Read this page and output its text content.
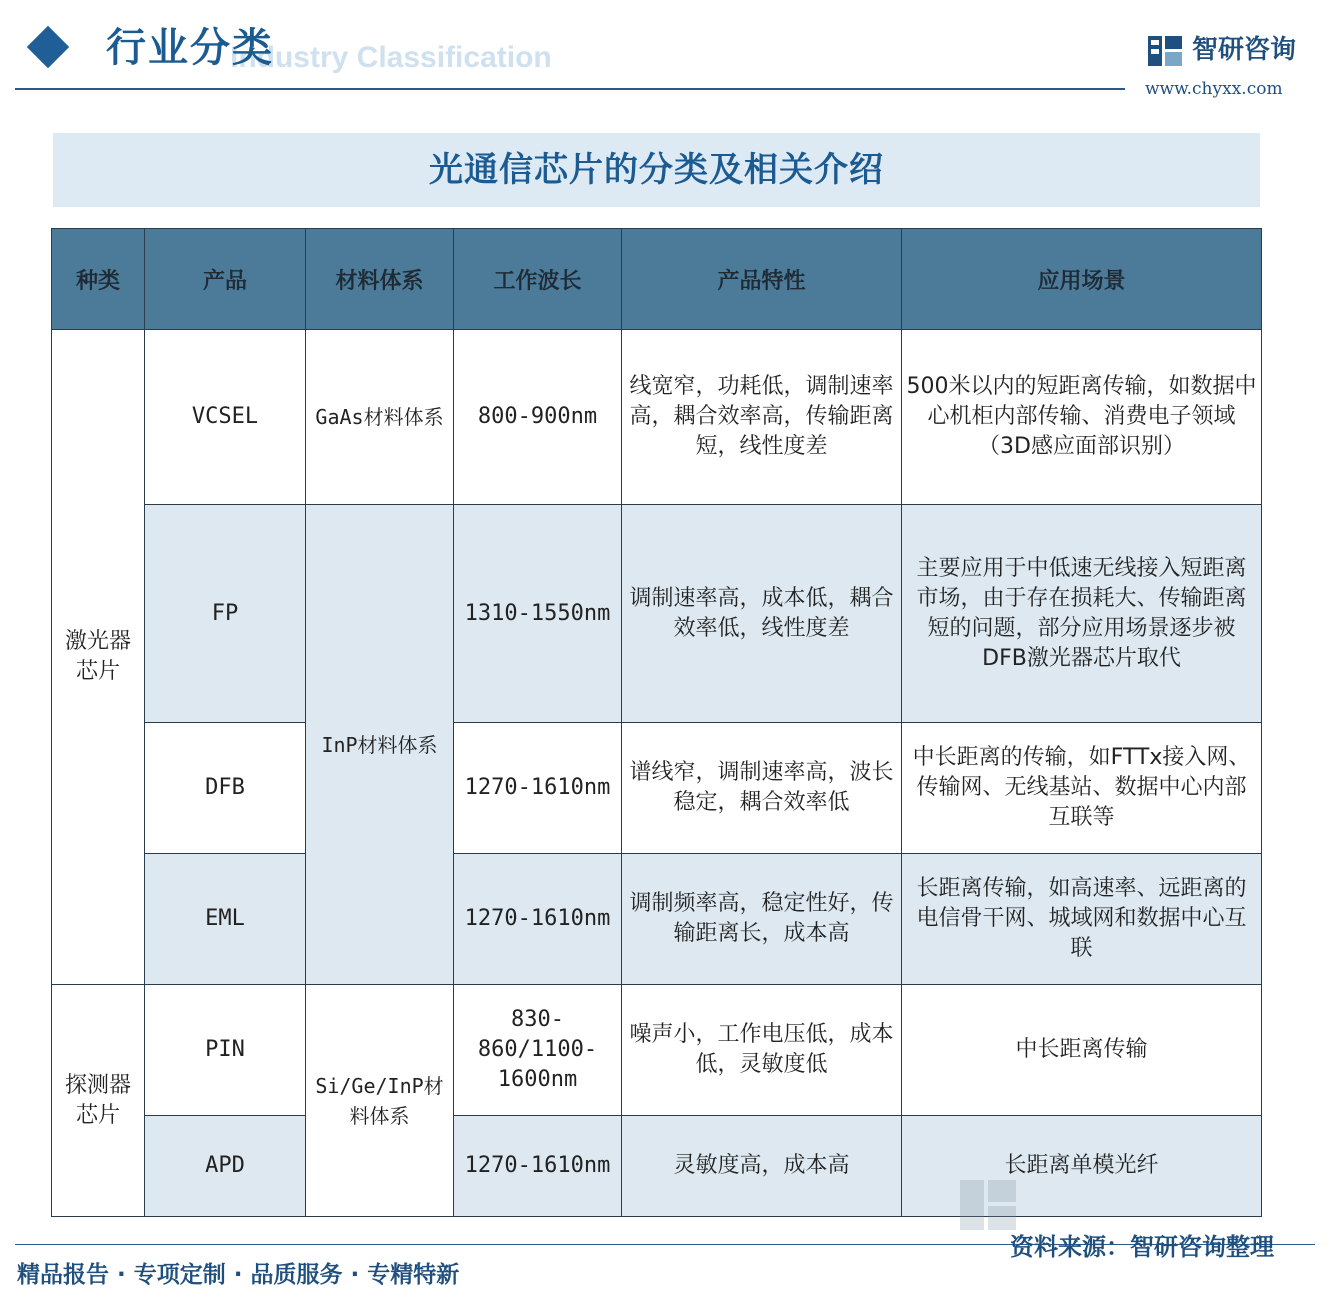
Industry Classification
行业分类	智研咨询
www.chyxx.com
光通信芯片的分类及相关介绍
种类	产品	材料体系	工作波长	产品特性	应用场景
激光器芯片	VCSEL	GaAs材料体系	800-900nm	线宽窄，功耗低，调制速率高，耦合效率高，传输距离短，线性度差	500米以内的短距离传输，如数据中心机柜内部传输、消费电子领域（3D感应面部识别）
	FP	InP材料体系	1310-1550nm	调制速率高，成本低，耦合效率低，线性度差	主要应用于中低速无线接入短距离市场，由于存在损耗大、传输距离短的问题，部分应用场景逐步被DFB激光器芯片取代
	DFB		1270-1610nm	谱线窄，调制速率高，波长稳定，耦合效率低	中长距离的传输，如FTTx接入网、传输网、无线基站、数据中心内部互联等
	EML		1270-1610nm	调制频率高，稳定性好，传输距离长，成本高	长距离传输，如高速率、远距离的电信骨干网、城域网和数据中心互联
探测器芯片	PIN	Si/Ge/InP材料体系	830-860/1100-1600nm	噪声小，工作电压低，成本低，灵敏度低	中长距离传输
	APD		1270-1610nm	灵敏度高，成本高	长距离单模光纤
资料来源：智研咨询整理
精品报告 · 专项定制 · 品质服务 · 专精特新
